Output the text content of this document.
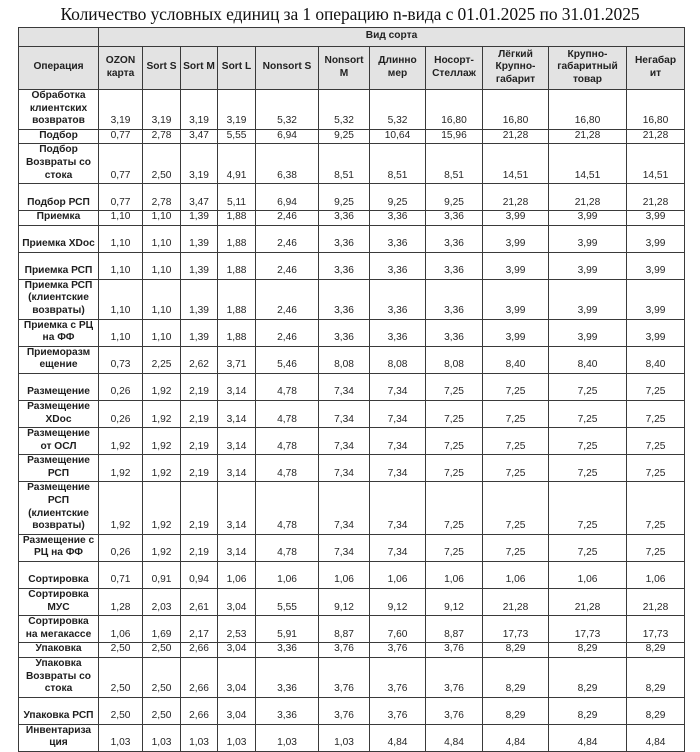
Количество условных единиц за 1 операцию n-вида с 01.01.2025 по 31.01.2025
	Вид сорта										
Операция	OZON карта	Sort S	Sort M	Sort L	Nonsort S	Nonsort M	Длинно мер	Носорт-Стеллаж	Лёгкий Крупно-габарит	Крупно-габаритный товар	Негабар ит
Обработка клиентских возвратов	3,19	3,19	3,19	3,19	5,32	5,32	5,32	16,80	16,80	16,80	16,80
Подбор	0,77	2,78	3,47	5,55	6,94	9,25	10,64	15,96	21,28	21,28	21,28
Подбор Возвраты со стока	0,77	2,50	3,19	4,91	6,38	8,51	8,51	8,51	14,51	14,51	14,51
Подбор РСП	0,77	2,78	3,47	5,11	6,94	9,25	9,25	9,25	21,28	21,28	21,28
Приемка	1,10	1,10	1,39	1,88	2,46	3,36	3,36	3,36	3,99	3,99	3,99
Приемка XDoc	1,10	1,10	1,39	1,88	2,46	3,36	3,36	3,36	3,99	3,99	3,99
Приемка РСП	1,10	1,10	1,39	1,88	2,46	3,36	3,36	3,36	3,99	3,99	3,99
Приемка РСП (клиентские возвраты)	1,10	1,10	1,39	1,88	2,46	3,36	3,36	3,36	3,99	3,99	3,99
Приемка с РЦ на ФФ	1,10	1,10	1,39	1,88	2,46	3,36	3,36	3,36	3,99	3,99	3,99
Приеморазм ещение	0,73	2,25	2,62	3,71	5,46	8,08	8,08	8,08	8,40	8,40	8,40
Размещение	0,26	1,92	2,19	3,14	4,78	7,34	7,34	7,25	7,25	7,25	7,25
Размещение XDoc	0,26	1,92	2,19	3,14	4,78	7,34	7,34	7,25	7,25	7,25	7,25
Размещение от ОСЛ	1,92	1,92	2,19	3,14	4,78	7,34	7,34	7,25	7,25	7,25	7,25
Размещение РСП	1,92	1,92	2,19	3,14	4,78	7,34	7,34	7,25	7,25	7,25	7,25
Размещение РСП (клиентские возвраты)	1,92	1,92	2,19	3,14	4,78	7,34	7,34	7,25	7,25	7,25	7,25
Размещение с РЦ на ФФ	0,26	1,92	2,19	3,14	4,78	7,34	7,34	7,25	7,25	7,25	7,25
Сортировка	0,71	0,91	0,94	1,06	1,06	1,06	1,06	1,06	1,06	1,06	1,06
Сортировка МУС	1,28	2,03	2,61	3,04	5,55	9,12	9,12	9,12	21,28	21,28	21,28
Сортировка на мегакассе	1,06	1,69	2,17	2,53	5,91	8,87	7,60	8,87	17,73	17,73	17,73
Упаковка	2,50	2,50	2,66	3,04	3,36	3,76	3,76	3,76	8,29	8,29	8,29
Упаковка Возвраты со стока	2,50	2,50	2,66	3,04	3,36	3,76	3,76	3,76	8,29	8,29	8,29
Упаковка РСП	2,50	2,50	2,66	3,04	3,36	3,76	3,76	3,76	8,29	8,29	8,29
Инвентариза ция	1,03	1,03	1,03	1,03	1,03	1,03	4,84	4,84	4,84	4,84	4,84
